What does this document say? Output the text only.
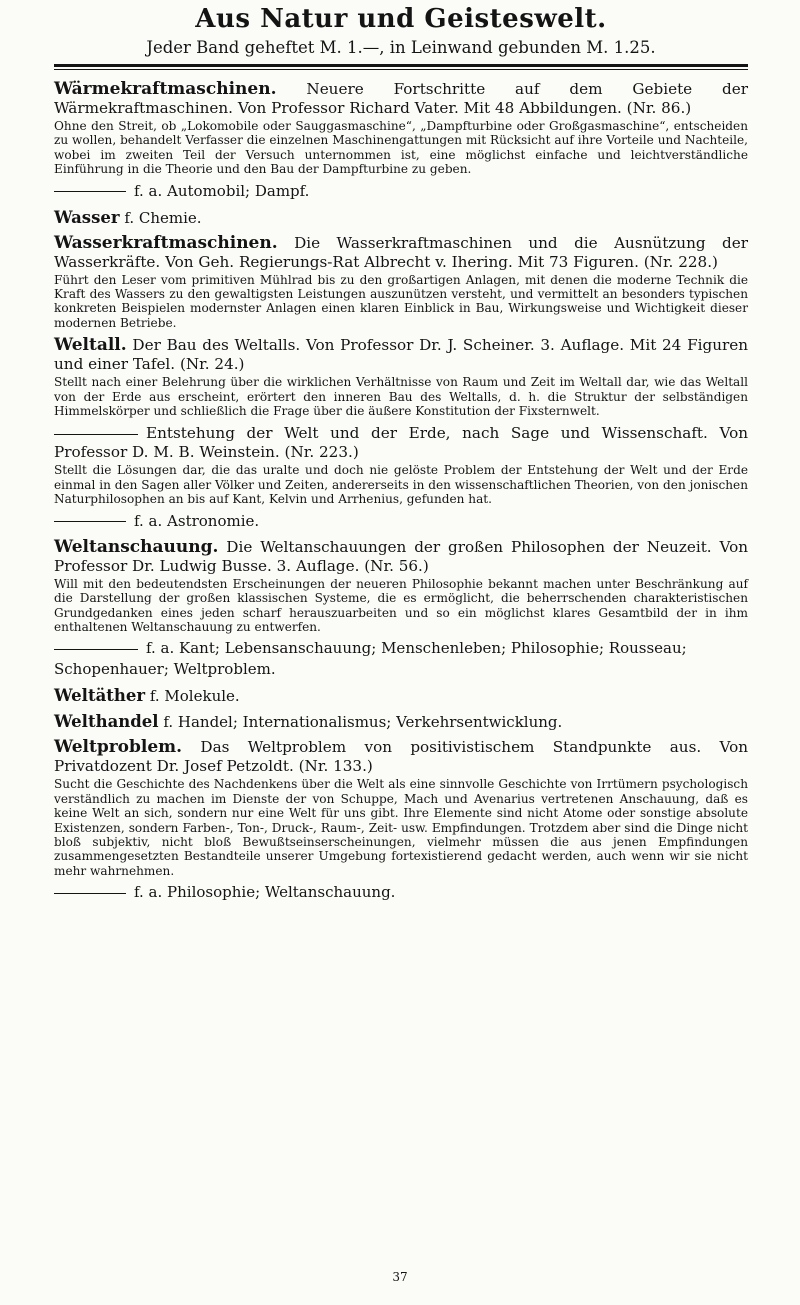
Aus Natur und Geisteswelt.

Jeder Band geheftet M. 1.—, in Leinwand gebunden M. 1.25.

Wärmekraftmaschinen. Neuere Fortschritte auf dem Gebiete der Wärmekraftmaschinen. Von Professor Richard Vater. Mit 48 Abbildungen. (Nr. 86.)

Ohne den Streit, ob „Lokomobile oder Sauggasmaschine“, „Dampfturbine oder Großgasmaschine“, entscheiden zu wollen, behandelt Verfasser die einzelnen Maschinengattungen mit Rücksicht auf ihre Vorteile und Nachteile, wobei im zweiten Teil der Versuch unternommen ist, eine möglichst einfache und leichtverständliche Einführung in die Theorie und den Bau der Dampfturbine zu geben.

f. a. Automobil; Dampf.

Wasser f. Chemie.

Wasserkraftmaschinen. Die Wasserkraftmaschinen und die Ausnützung der Wasserkräfte. Von Geh. Regierungs-Rat Albrecht v. Ihering. Mit 73 Figuren. (Nr. 228.)

Führt den Leser vom primitiven Mühlrad bis zu den großartigen Anlagen, mit denen die moderne Technik die Kraft des Wassers zu den gewaltigsten Leistungen auszunützen versteht, und vermittelt an besonders typischen konkreten Beispielen modernster Anlagen einen klaren Einblick in Bau, Wirkungsweise und Wichtigkeit dieser modernen Betriebe.

Weltall. Der Bau des Weltalls. Von Professor Dr. J. Scheiner. 3. Auflage. Mit 24 Figuren und einer Tafel. (Nr. 24.)

Stellt nach einer Belehrung über die wirklichen Verhältnisse von Raum und Zeit im Weltall dar, wie das Weltall von der Erde aus erscheint, erörtert den inneren Bau des Weltalls, d. h. die Struktur der selbständigen Himmelskörper und schließlich die Frage über die äußere Konstitution der Fixsternwelt.

Entstehung der Welt und der Erde, nach Sage und Wissenschaft. Von Professor D. M. B. Weinstein. (Nr. 223.)

Stellt die Lösungen dar, die das uralte und doch nie gelöste Problem der Entstehung der Welt und der Erde einmal in den Sagen aller Völker und Zeiten, andererseits in den wissenschaftlichen Theorien, von den jonischen Naturphilosophen an bis auf Kant, Kelvin und Arrhenius, gefunden hat.

f. a. Astronomie.

Weltanschauung. Die Weltanschauungen der großen Philosophen der Neuzeit. Von Professor Dr. Ludwig Busse. 3. Auflage. (Nr. 56.)

Will mit den bedeutendsten Erscheinungen der neueren Philosophie bekannt machen unter Beschränkung auf die Darstellung der großen klassischen Systeme, die es ermöglicht, die beherrschenden charakteristischen Grundgedanken eines jeden scharf herauszuarbeiten und so ein möglichst klares Gesamtbild der in ihm enthaltenen Weltanschauung zu entwerfen.

f. a. Kant; Lebensanschauung; Menschenleben; Philosophie; Rousseau; Schopenhauer; Weltproblem.

Weltäther f. Molekule.

Welthandel f. Handel; Internationalismus; Verkehrsentwicklung.

Weltproblem. Das Weltproblem von positivistischem Standpunkte aus. Von Privatdozent Dr. Josef Petzoldt. (Nr. 133.)

Sucht die Geschichte des Nachdenkens über die Welt als eine sinnvolle Geschichte von Irrtümern psychologisch verständlich zu machen im Dienste der von Schuppe, Mach und Avenarius vertretenen Anschauung, daß es keine Welt an sich, sondern nur eine Welt für uns gibt. Ihre Elemente sind nicht Atome oder sonstige absolute Existenzen, sondern Farben-, Ton-, Druck-, Raum-, Zeit- usw. Empfindungen. Trotzdem aber sind die Dinge nicht bloß subjektiv, nicht bloß Bewußtseinserscheinungen, vielmehr müssen die aus jenen Empfindungen zusammengesetzten Bestandteile unserer Umgebung fortexistierend gedacht werden, auch wenn wir sie nicht mehr wahrnehmen.

f. a. Philosophie; Weltanschauung.

37
